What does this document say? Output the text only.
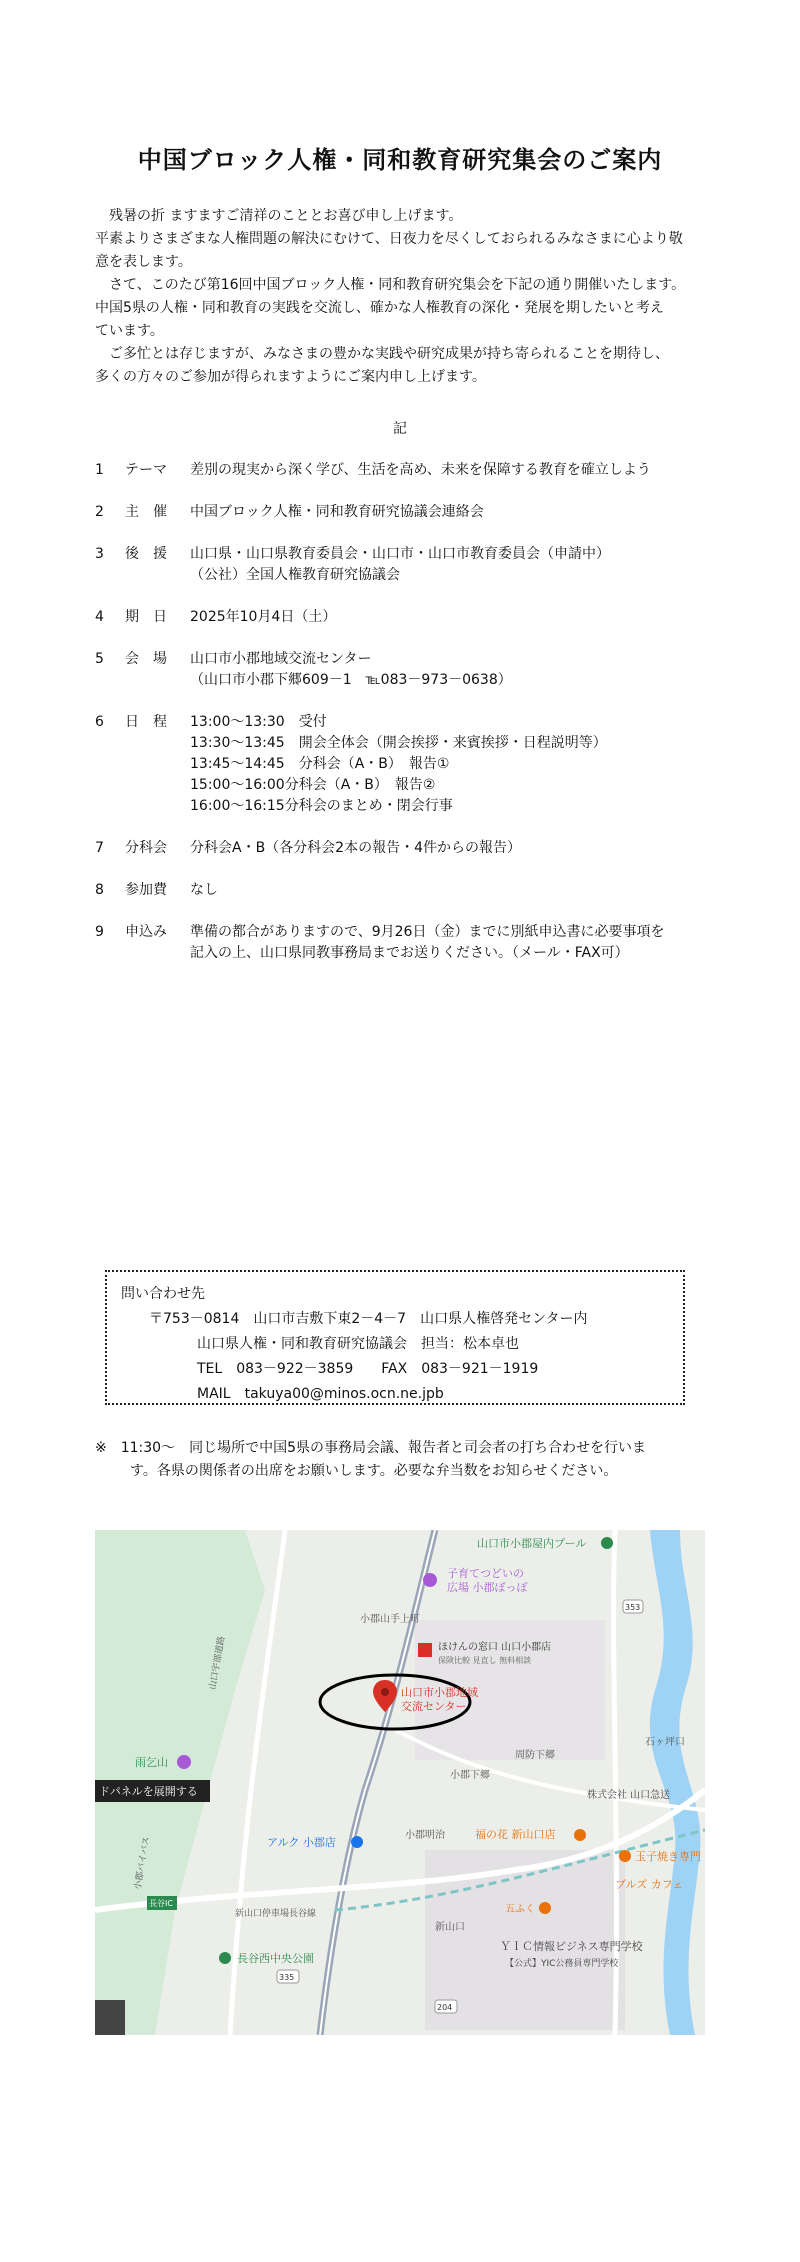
中国ブロック人権・同和教育研究集会のご案内

残暑の折 ますますご清祥のこととお喜び申し上げます。

平素よりさまざまな人権問題の解決にむけて、日夜力を尽くしておられるみなさまに心より敬

意を表します。

さて、このたび第16回中国ブロック人権・同和教育研究集会を下記の通り開催いたします。

中国5県の人権・同和教育の実践を交流し、確かな人権教育の深化・発展を期したいと考え

ています。

ご多忙とは存じますが、みなさまの豊かな実践や研究成果が持ち寄られることを期待し、

多くの方々のご参加が得られますようにご案内申し上げます。

記
1	テーマ	差別の現実から深く学び、生活を高め、未来を保障する教育を確立しよう
2	主　催	中国ブロック人権・同和教育研究協議会連絡会
3	後　援	山口県・山口県教育委員会・山口市・山口市教育委員会（申請中）
（公社）全国人権教育研究協議会
4	期　日	2025年10月4日（土）
5	会　場	山口市小郡地域交流センター
（山口市小郡下郷609－1　℡083－973－0638）
6	日　程	13:00～13:30　受付
13:30～13:45　開会全体会（開会挨拶・来賓挨拶・日程説明等）
13:45～14:45　分科会（A・B）　報告①
15:00～16:00分科会（A・B）　報告②
16:00～16:15分科会のまとめ・閉会行事
7	分科会	分科会A・B（各分科会2本の報告・4件からの報告）
8	参加費	なし
9	申込み	準備の都合がありますので、9月26日（金）までに別紙申込書に必要事項を
記入の上、山口県同教事務局までお送りください。（メール・FAX可）
問い合わせ先
〒753－0814　山口市吉敷下東2－4－7　山口県人権啓発センター内
山口県人権・同和教育研究協議会　担当：松本卓也
TEL　083－922－3859　　FAX　083－921－1919
MAIL　takuya00@minos.ocn.ne.jpb
※　11:30～　同じ場所で中国5県の事務局会議、報告者と司会者の打ち合わせを行いま
す。各県の関係者の出席をお願いします。必要な弁当数をお知らせください。
山口市小郡屋内プール
子育てつどいの
広場 小郡ぼっぽ
小郡山手上町
ほけんの窓口 山口小郡店
保険比較 見直し 無料相談
山口市小郡地域
交流センター
雨乞山
ドパネルを展開する
小郡下郷
周防下郷
石ヶ坪口
株式会社 山口急送
アルク 小郡店
小郡明治	福の花 新山口店
玉子焼き専門
ブルズ カフェ
新山口
五ふく
ＹＩＣ情報ビジネス専門学校
【公式】YIC公務員専門学校
長谷西中央公園
新山口停車場長谷線
山口宇部道路
小郡バイパス
長谷IC
353
335
204
